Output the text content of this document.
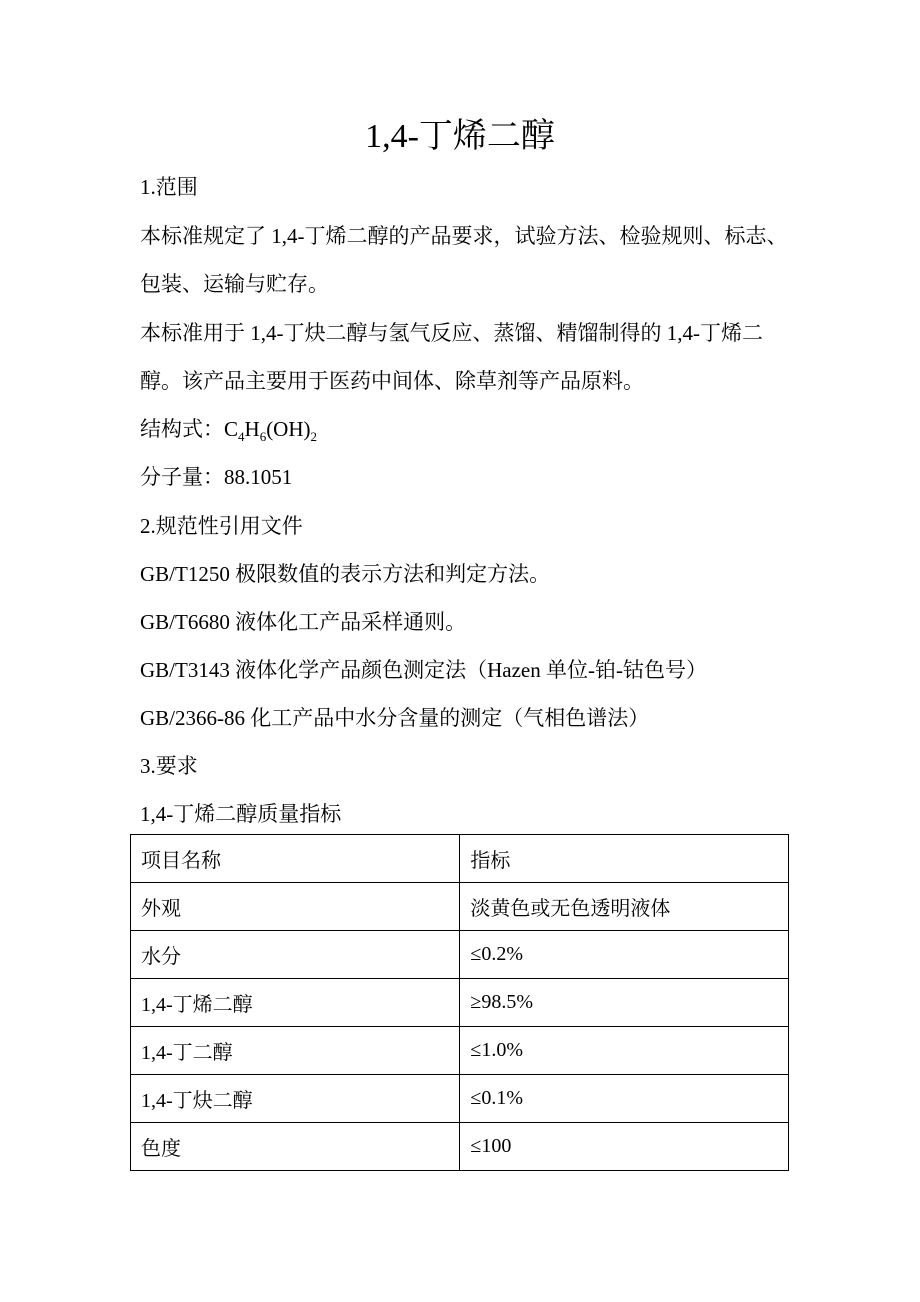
1,4-丁烯二醇
1.范围
本标准规定了 1,4-丁烯二醇的产品要求，试验方法、检验规则、标志、
包装、运输与贮存。
本标准用于 1,4-丁炔二醇与氢气反应、蒸馏、精馏制得的 1,4-丁烯二
醇。该产品主要用于医药中间体、除草剂等产品原料。
结构式：$C_4H_6(OH)_2$
分子量：88.1051
2.规范性引用文件
GB/T1250 极限数值的表示方法和判定方法。
GB/T6680 液体化工产品采样通则。
GB/T3143 液体化学产品颜色测定法（Hazen 单位-铂-钴色号）
GB/2366-86 化工产品中水分含量的测定（气相色谱法）
3.要求
1,4-丁烯二醇质量指标
项目名称	指标
外观	淡黄色或无色透明液体
水分	≤0.2%
1,4-丁烯二醇	≥98.5%
1,4-丁二醇	≤1.0%
1,4-丁炔二醇	≤0.1%
色度	≤100
